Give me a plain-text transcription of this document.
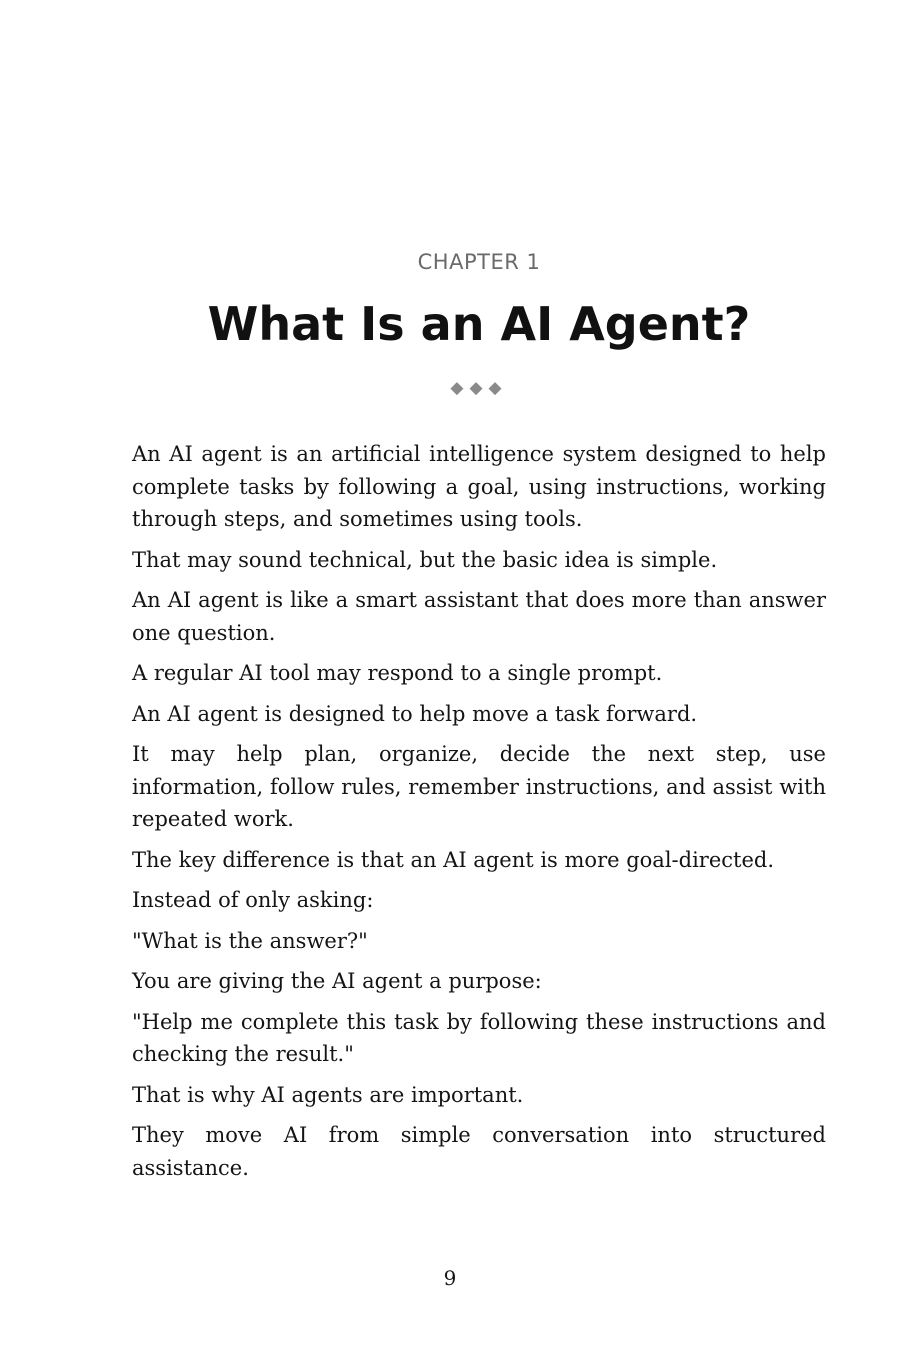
CHAPTER 1
What Is an AI Agent?
◆◆◆

An AI agent is an artificial intelligence system designed to help complete tasks by following a goal, using instructions, working through steps, and sometimes using tools.

That may sound technical, but the basic idea is simple.

An AI agent is like a smart assistant that does more than answer one question.

A regular AI tool may respond to a single prompt.

An AI agent is designed to help move a task forward.

It may help plan, organize, decide the next step, use information, follow rules, remember instructions, and assist with repeated work.

The key difference is that an AI agent is more goal-directed.

Instead of only asking:

"What is the answer?"

You are giving the AI agent a purpose:

"Help me complete this task by following these instructions and checking the result."

That is why AI agents are important.

They move AI from simple conversation into structured assistance.

9
